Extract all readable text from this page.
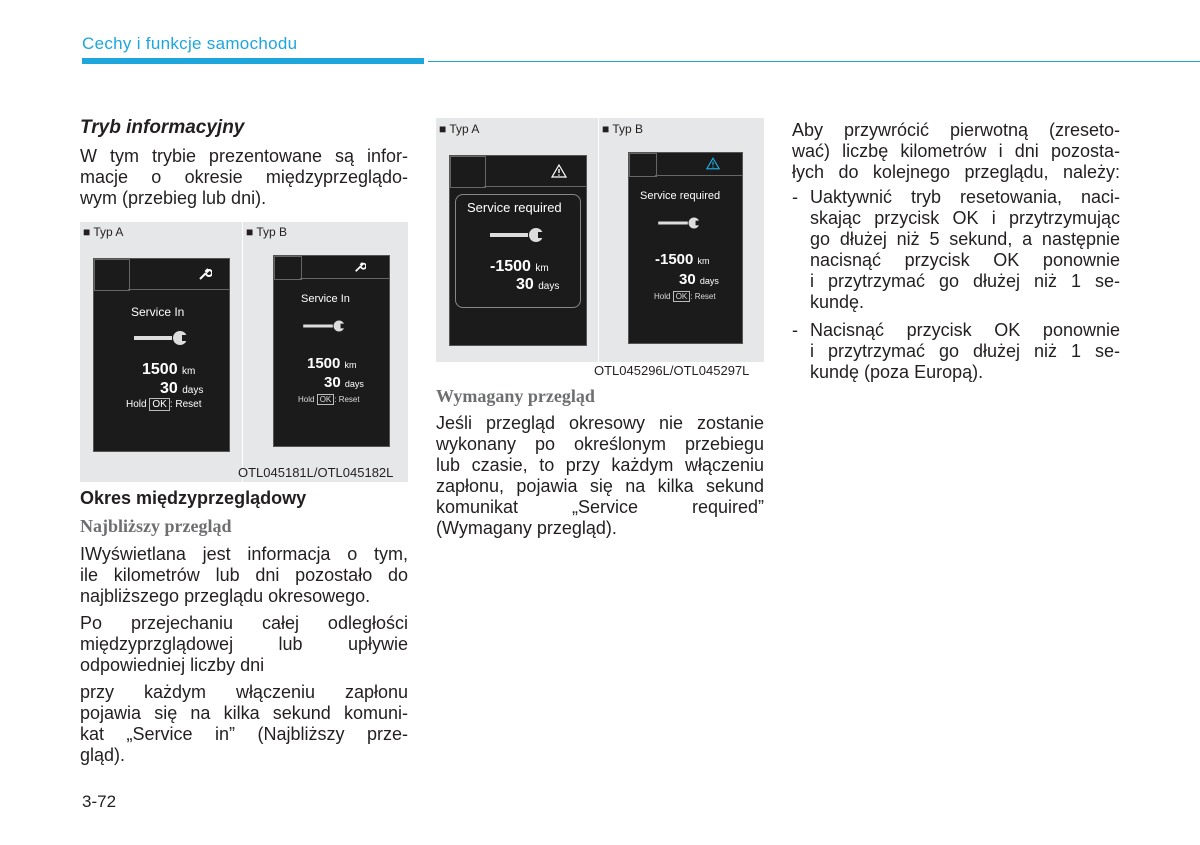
Cechy i funkcje samochodu
Tryb informacyjny
W tym trybie prezentowane są infor-
macje o okresie międzyprzeglądo-
wym (przebieg lub dni).
■ Typ A	■ Typ B
Service In
1500 km
30 days
Hold OK : Reset
Service In
1500 km
30 days
Hold OK : Reset
OTL045181L/OTL045182L
Okres międzyprzeglądowy
Najbliższy przegląd
IWyświetlana jest informacja o tym,
ile kilometrów lub dni pozostało do
najbliższego przeglądu okresowego.
Po przejechaniu całej odległości
międzyprzglądowej lub upływie
odpowiedniej liczby dni
przy każdym włączeniu zapłonu
pojawia się na kilka sekund komuni-
kat „Service in” (Najbliższy prze-
gląd).
■ Typ A	■ Typ B
Service required
-1500 km
30 days
Service required
-1500 km
30 days
Hold OK : Reset
OTL045296L/OTL045297L
Wymagany przegląd
Jeśli przegląd okresowy nie zostanie
wykonany po określonym przebiegu
lub czasie, to przy każdym włączeniu
zapłonu, pojawia się na kilka sekund
komunikat „Service required”
(Wymagany przegląd).
Aby przywrócić pierwotną (zreseto-
wać) liczbę kilometrów i dni pozosta-
łych do kolejnego przeglądu, należy:
- Uaktywnić tryb resetowania, naci-
skając przycisk OK i przytrzymując
go dłużej niż 5 sekund, a następnie
nacisnąć przycisk OK ponownie
i przytrzymać go dłużej niż 1 se-
kundę.
- Nacisnąć przycisk OK ponownie
i przytrzymać go dłużej niż 1 se-
kundę (poza Europą).
3-72
